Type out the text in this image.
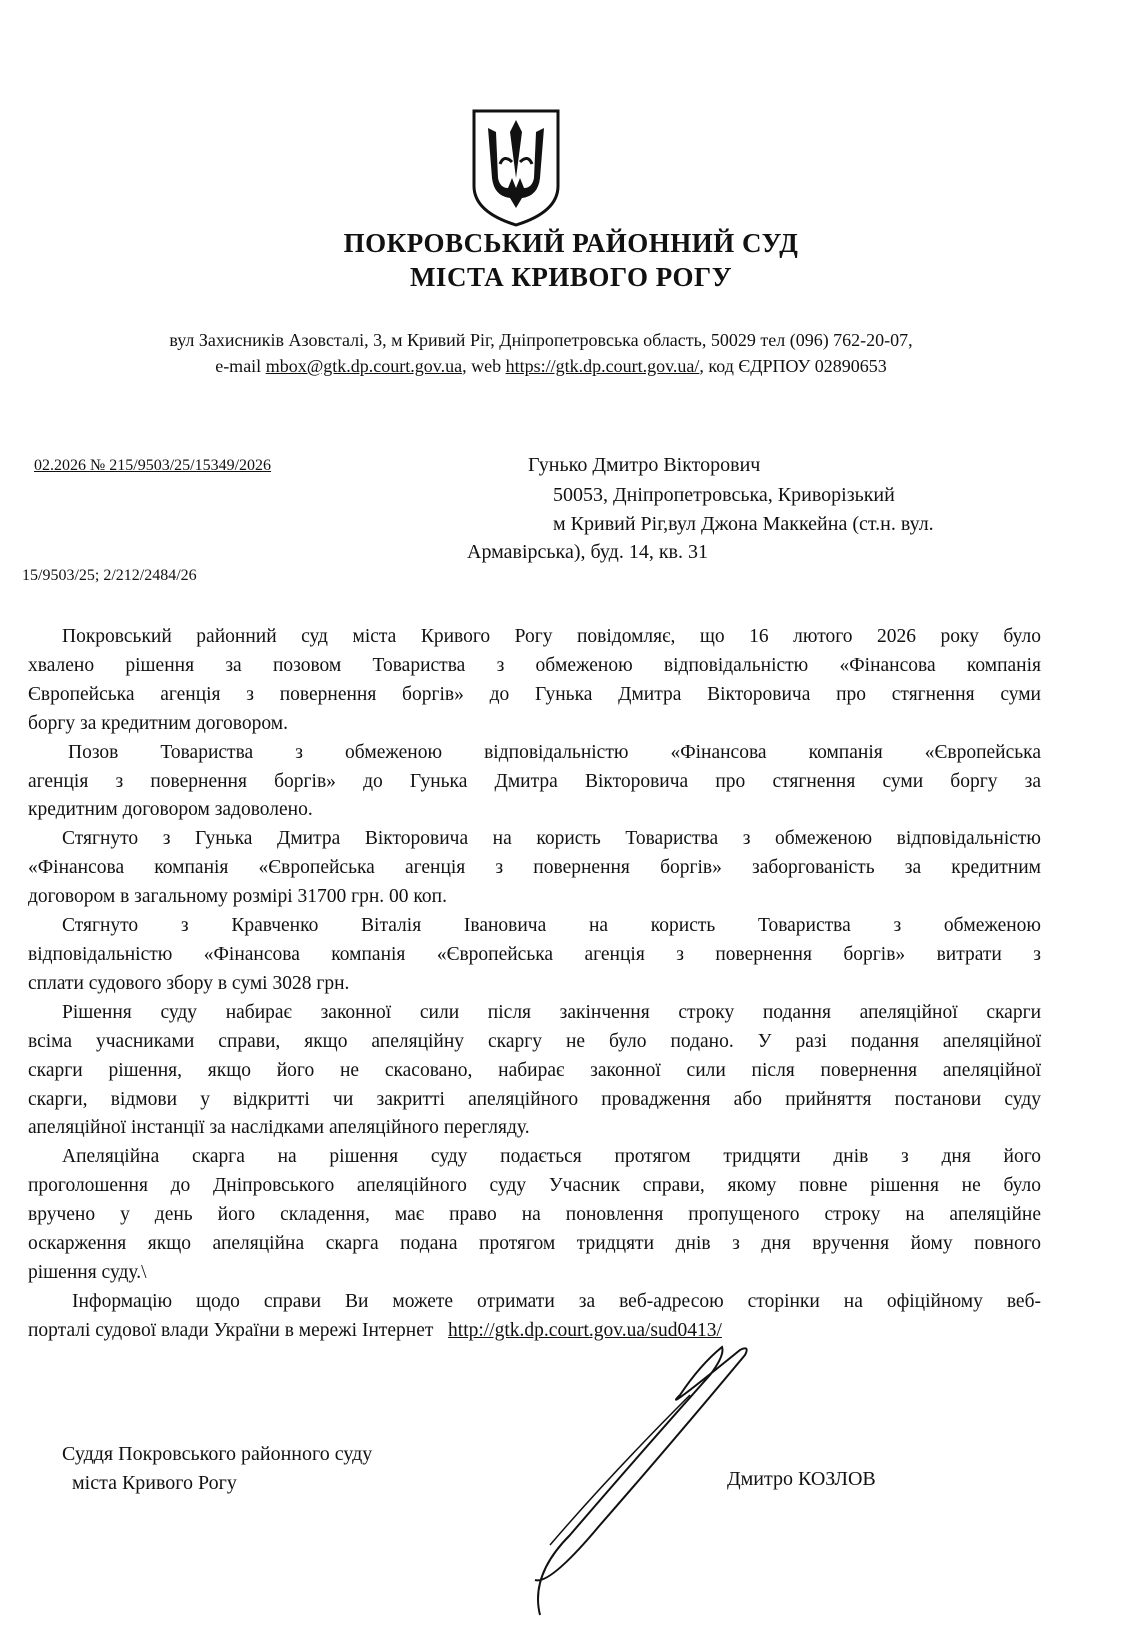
ПОКРОВСЬКИЙ РАЙОННИЙ СУД
МІСТА КРИВОГО РОГУ
вул Захисників Азовсталі, 3, м Кривий Ріг, Дніпропетровська область, 50029 тел (096) 762-20-07,
e-mail mbox@gtk.dp.court.gov.ua, web https://gtk.dp.court.gov.ua/, код ЄДРПОУ 02890653
02.2026 № 215/9503/25/15349/2026
15/9503/25; 2/212/2484/26
Гунько Дмитро Вікторович
50053, Дніпропетровська, Криворізький
м Кривий Ріг,вул Джона Маккейна (ст.н. вул.
Армавірська), буд. 14, кв. 31
Покровський районний суд міста Кривого Рогу повідомляє, що 16 лютого 2026 року було
хвалено рішення за позовом Товариства з обмеженою відповідальністю «Фінансова компанія
Європейська агенція з повернення боргів» до Гунька Дмитра Вікторовича про стягнення суми
боргу за кредитним договором.
Позов Товариства з обмеженою відповідальністю «Фінансова компанія «Європейська
агенція з повернення боргів» до Гунька Дмитра Вікторовича про стягнення суми боргу за
кредитним договором задоволено.
Стягнуто з Гунька Дмитра Вікторовича на користь Товариства з обмеженою відповідальністю
«Фінансова компанія «Європейська агенція з повернення боргів» заборгованість за кредитним
договором в загальному розмірі 31700 грн. 00 коп.
Стягнуто з Кравченко Віталія Івановича на користь Товариства з обмеженою
відповідальністю «Фінансова компанія «Європейська агенція з повернення боргів» витрати з
сплати судового збору в сумі 3028 грн.
Рішення суду набирає законної сили після закінчення строку подання апеляційної скарги
всіма учасниками справи, якщо апеляційну скаргу не було подано. У разі подання апеляційної
скарги рішення, якщо його не скасовано, набирає законної сили після повернення апеляційної
скарги, відмови у відкритті чи закритті апеляційного провадження або прийняття постанови суду
апеляційної інстанції за наслідками апеляційного перегляду.
Апеляційна скарга на рішення суду подається протягом тридцяти днів з дня його
проголошення до Дніпровського апеляційного суду Учасник справи, якому повне рішення не було
вручено у день його складення, має право на поновлення пропущеного строку на апеляційне
оскарження якщо апеляційна скарга подана протягом тридцяти днів з дня вручення йому повного
рішення суду.\
Інформацію щодо справи Ви можете отримати за веб-адресою сторінки на офіційному веб-
порталі судової влади України в мережі Інтернет   http://gtk.dp.court.gov.ua/sud0413/
Суддя Покровського районного суду
міста Кривого Рогу	Дмитро КОЗЛОВ
